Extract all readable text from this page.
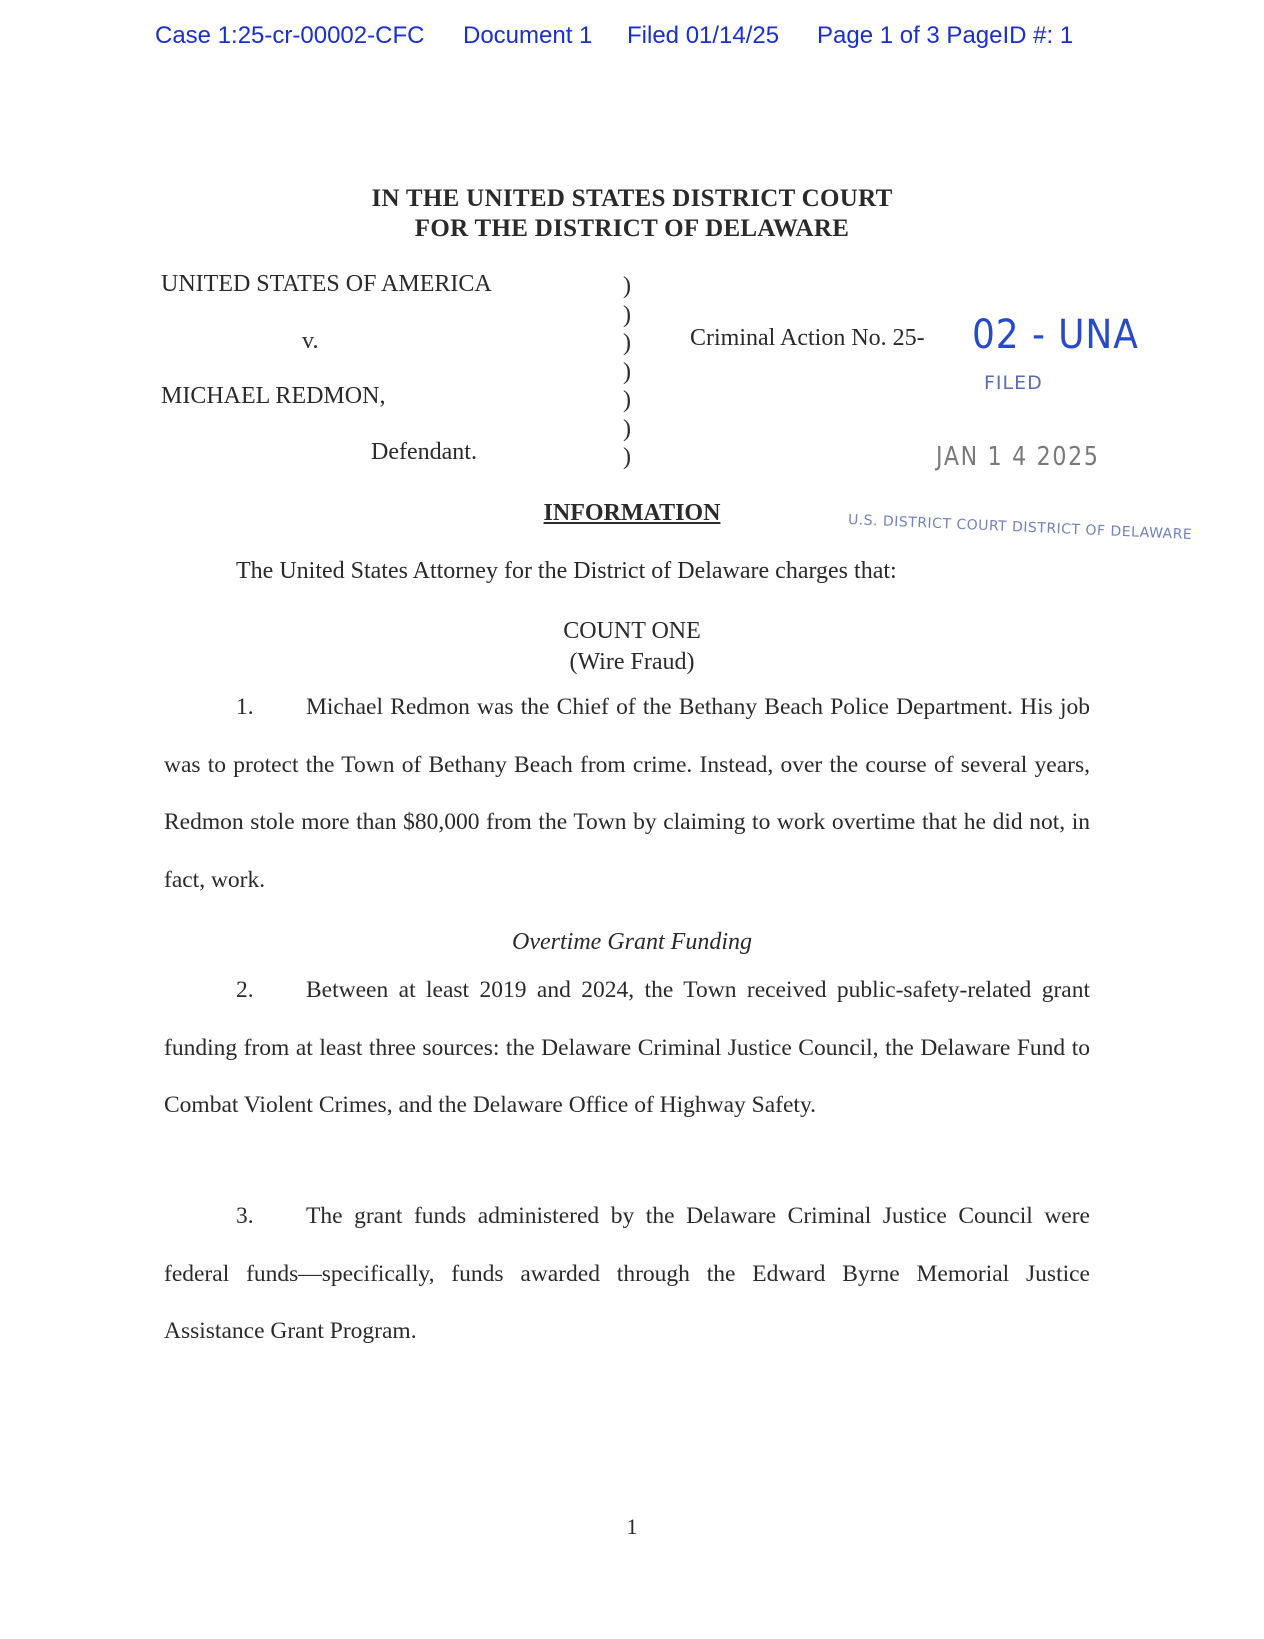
Case 1:25-cr-00002-CFC Document 1 Filed 01/14/25 Page 1 of 3 PageID #: 1
IN THE UNITED STATES DISTRICT COURT
FOR THE DISTRICT OF DELAWARE
UNITED STATES OF AMERICA
v.
MICHAEL REDMON,
Defendant.
)
)
)
)
)
)
)
Criminal Action No. 25- 02 - UNA
FILED
JAN 1 4 2025
U.S. DISTRICT COURT DISTRICT OF DELAWARE
INFORMATION
The United States Attorney for the District of Delaware charges that:
COUNT ONE
(Wire Fraud)

1. Michael Redmon was the Chief of the Bethany Beach Police Department. His job was to protect the Town of Bethany Beach from crime. Instead, over the course of several years, Redmon stole more than $80,000 from the Town by claiming to work overtime that he did not, in fact, work.

Overtime Grant Funding

2. Between at least 2019 and 2024, the Town received public-safety-related grant funding from at least three sources: the Delaware Criminal Justice Council, the Delaware Fund to Combat Violent Crimes, and the Delaware Office of Highway Safety.

3. The grant funds administered by the Delaware Criminal Justice Council were federal funds—specifically, funds awarded through the Edward Byrne Memorial Justice Assistance Grant Program.

1
